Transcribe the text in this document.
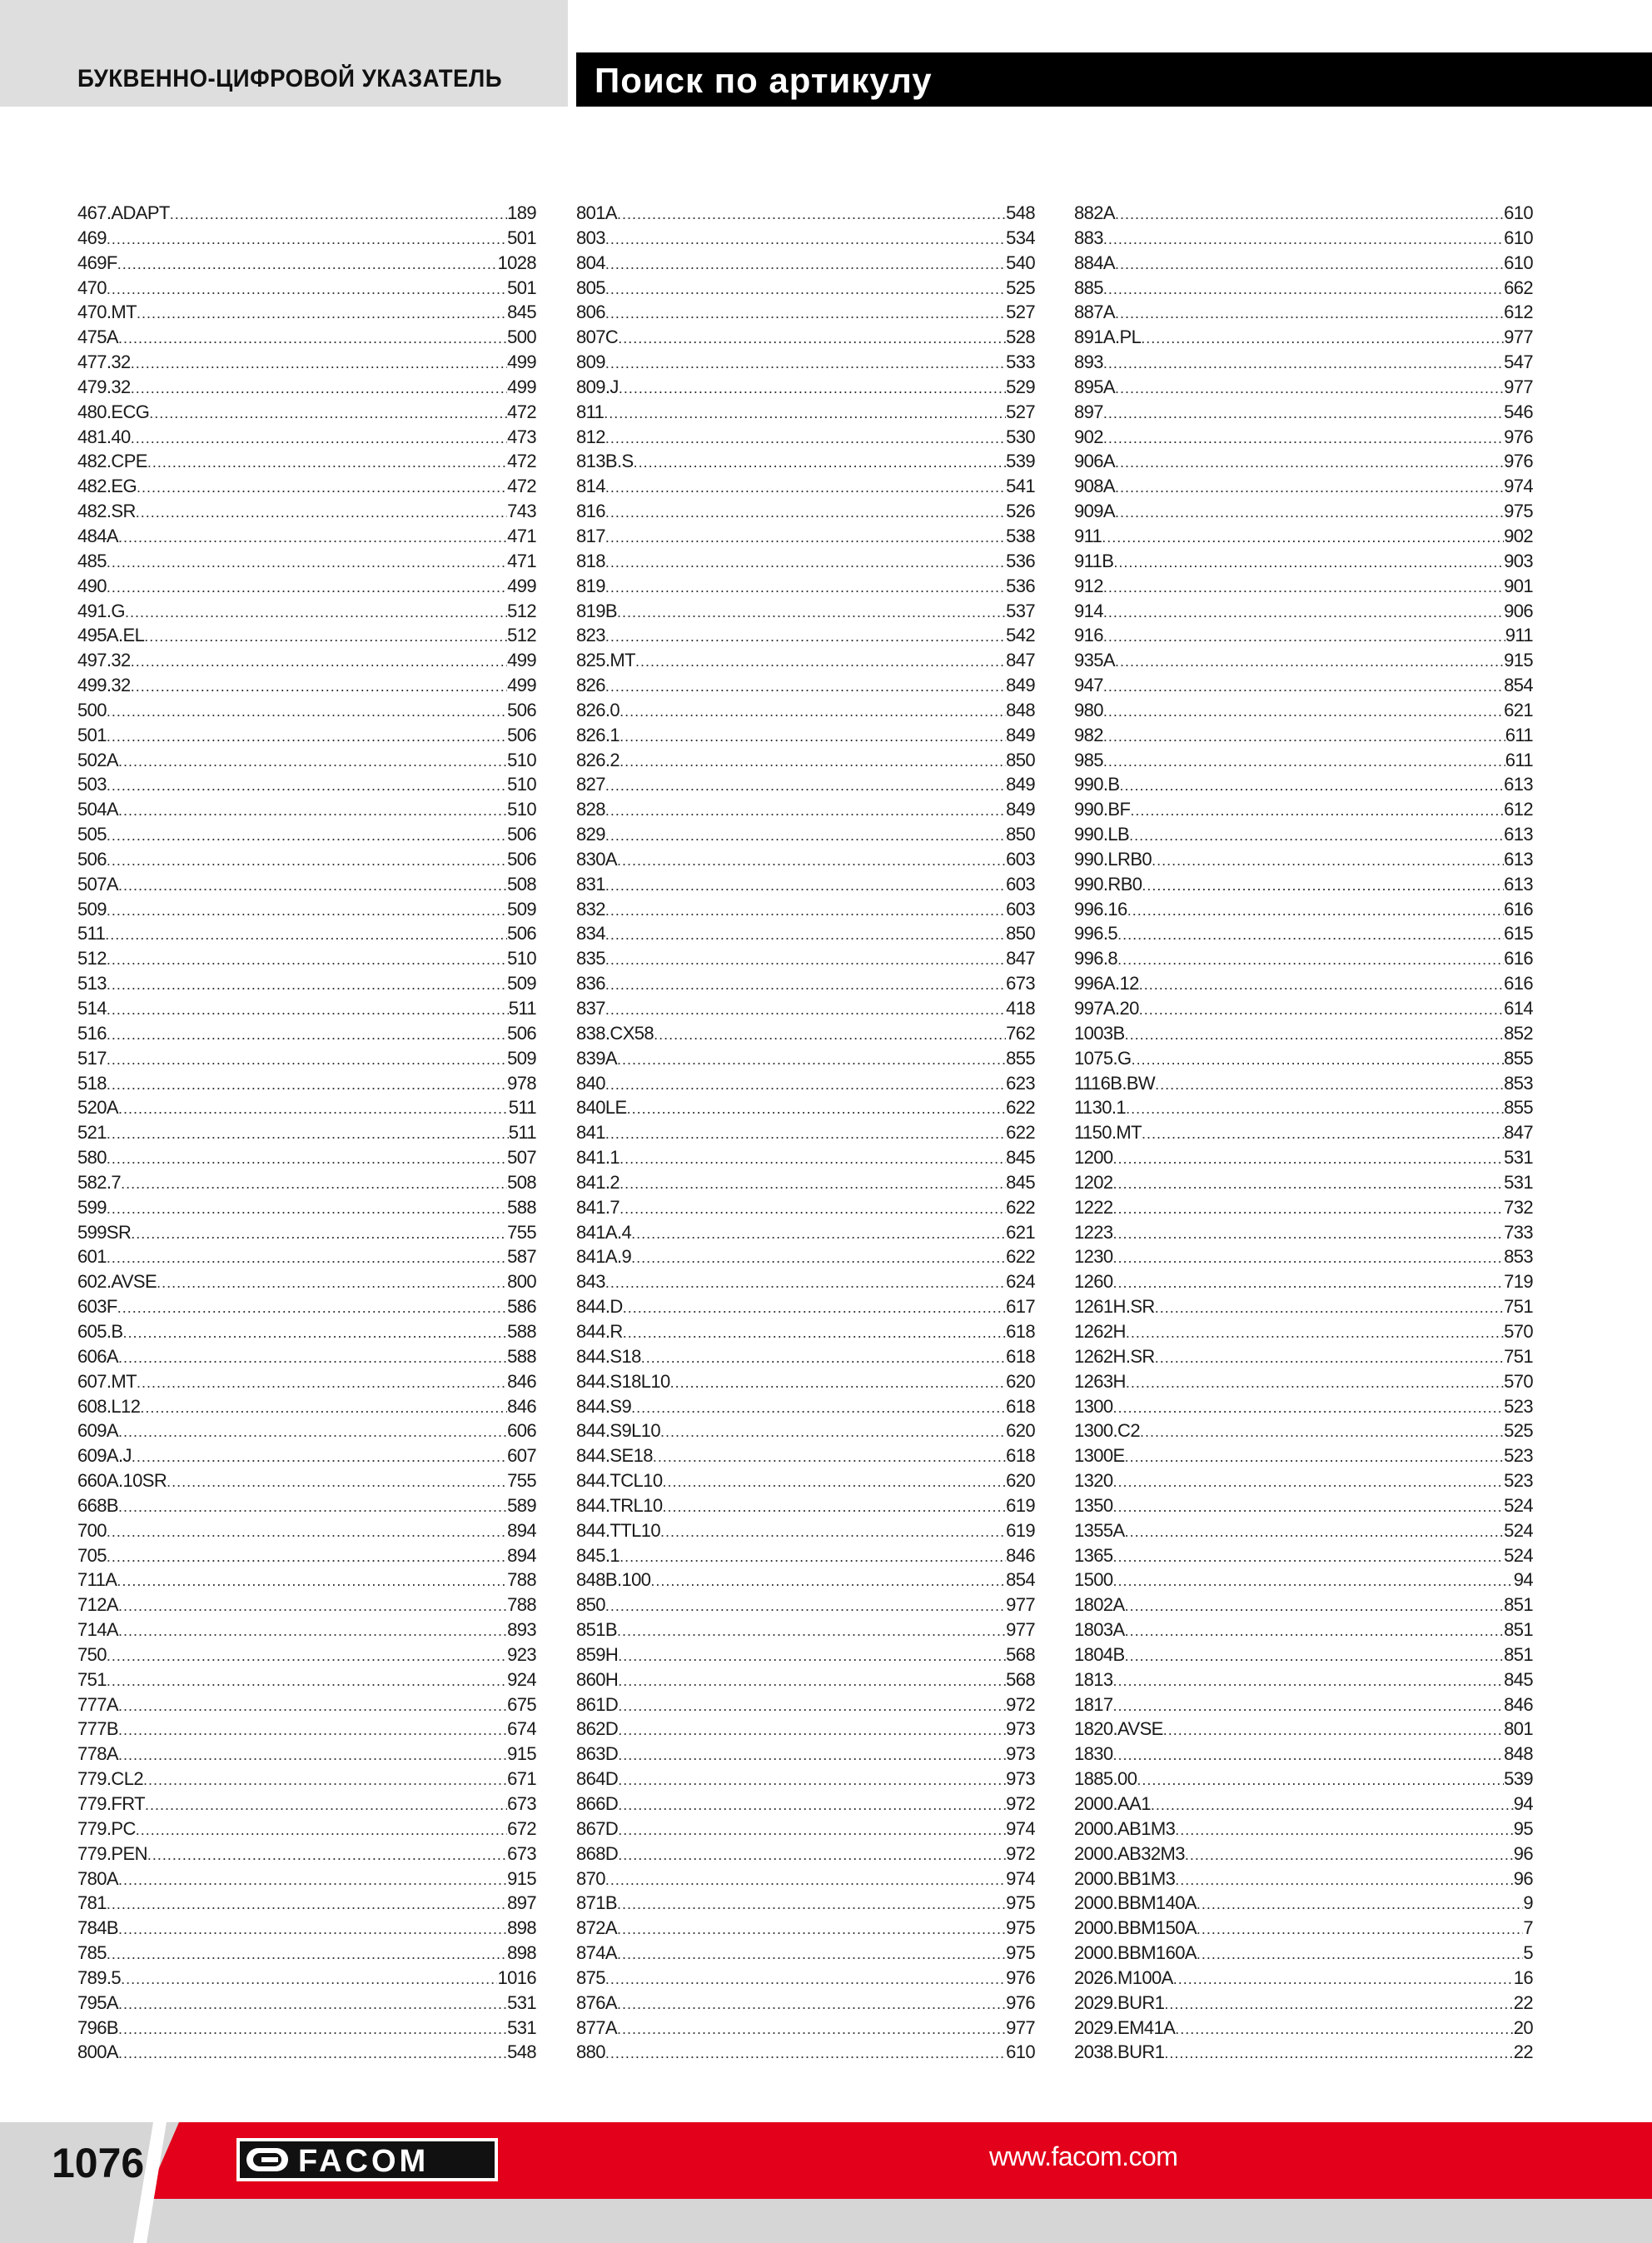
БУКВЕННО-ЦИФРОВОЙ УКАЗАТЕЛЬ	Поиск по артикулу
467.ADAPT .....	189
469 .....	501
469F .....	1028
470 .....	501
470.MT .....	845
475A .....	500
477.32 .....	499
479.32 .....	499
480.ECG .....	472
481.40 .....	473
482.CPE .....	472
482.EG .....	472
482.SR .....	743
484A .....	471
485 .....	471
490 .....	499
491.G .....	512
495A.EL .....	512
497.32 .....	499
499.32 .....	499
500 .....	506
501 .....	506
502A .....	510
503 .....	510
504A .....	510
505 .....	506
506 .....	506
507A .....	508
509 .....	509
511 .....	506
512 .....	510
513 .....	509
514 .....	511
516 .....	506
517 .....	509
518 .....	978
520A .....	511
521 .....	511
580 .....	507
582.7 .....	508
599 .....	588
599SR .....	755
601 .....	587
602.AVSE .....	800
603F .....	586
605.B .....	588
606A .....	588
607.MT .....	846
608.L12 .....	846
609A .....	606
609A.J .....	607
660A.10SR .....	755
668B .....	589
700 .....	894
705 .....	894
711A .....	788
712A .....	788
714A .....	893
750 .....	923
751 .....	924
777A .....	675
777B .....	674
778A .....	915
779.CL2 .....	671
779.FRT .....	673
779.PC .....	672
779.PEN .....	673
780A .....	915
781 .....	897
784B .....	898
785 .....	898
789.5 .....	1016
795A .....	531
796B .....	531
800A .....	548
801A .....	548
803 .....	534
804 .....	540
805 .....	525
806 .....	527
807C .....	528
809 .....	533
809.J .....	529
811 .....	527
812 .....	530
813B.S .....	539
814 .....	541
816 .....	526
817 .....	538
818 .....	536
819 .....	536
819B .....	537
823 .....	542
825.MT .....	847
826 .....	849
826.0 .....	848
826.1 .....	849
826.2 .....	850
827 .....	849
828 .....	849
829 .....	850
830A .....	603
831 .....	603
832 .....	603
834 .....	850
835 .....	847
836 .....	673
837 .....	418
838.CX58 .....	762
839A .....	855
840 .....	623
840LE .....	622
841 .....	622
841.1 .....	845
841.2 .....	845
841.7 .....	622
841A.4 .....	621
841A.9 .....	622
843 .....	624
844.D .....	617
844.R .....	618
844.S18 .....	618
844.S18L10 .....	620
844.S9 .....	618
844.S9L10 .....	620
844.SE18 .....	618
844.TCL10 .....	620
844.TRL10 .....	619
844.TTL10 .....	619
845.1 .....	846
848B.100 .....	854
850 .....	977
851B .....	977
859H .....	568
860H .....	568
861D .....	972
862D .....	973
863D .....	973
864D .....	973
866D .....	972
867D .....	974
868D .....	972
870 .....	974
871B .....	975
872A .....	975
874A .....	975
875 .....	976
876A .....	976
877A .....	977
880 .....	610
882A .....	610
883 .....	610
884A .....	610
885 .....	662
887A .....	612
891A.PL .....	977
893 .....	547
895A .....	977
897 .....	546
902 .....	976
906A .....	976
908A .....	974
909A .....	975
911 .....	902
911B .....	903
912 .....	901
914 .....	906
916 .....	911
935A .....	915
947 .....	854
980 .....	621
982 .....	611
985 .....	611
990.B .....	613
990.BF .....	612
990.LB .....	613
990.LRB0 .....	613
990.RB0 .....	613
996.16 .....	616
996.5 .....	615
996.8 .....	616
996A.12 .....	616
997A.20 .....	614
1003B .....	852
1075.G .....	855
1116B.BW .....	853
1130.1 .....	855
1150.MT .....	847
1200 .....	531
1202 .....	531
1222 .....	732
1223 .....	733
1230 .....	853
1260 .....	719
1261H.SR .....	751
1262H .....	570
1262H.SR .....	751
1263H .....	570
1300 .....	523
1300.C2 .....	525
1300E .....	523
1320 .....	523
1350 .....	524
1355A .....	524
1365 .....	524
1500 .....	94
1802A .....	851
1803A .....	851
1804B .....	851
1813 .....	845
1817 .....	846
1820.AVSE .....	801
1830 .....	848
1885.00 .....	539
2000.AA1 .....	94
2000.AB1M3 .....	95
2000.AB32M3 .....	96
2000.BB1M3 .....	96
2000.BBM140A .....	9
2000.BBM150A .....	7
2000.BBM160A .....	5
2026.M100A .....	16
2029.BUR1 .....	22
2029.EM41A .....	20
2038.BUR1 .....	22
1076	FACOM	www.facom.com
